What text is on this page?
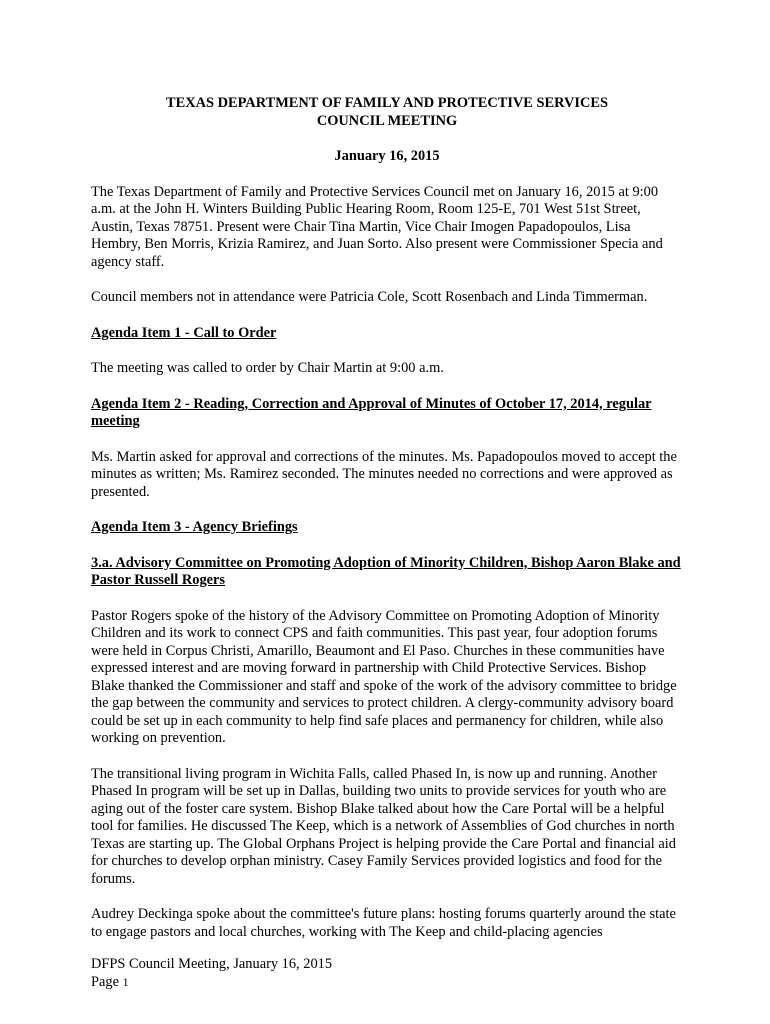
TEXAS DEPARTMENT OF FAMILY AND PROTECTIVE SERVICES

COUNCIL MEETING

January 16, 2015

The Texas Department of Family and Protective Services Council met on January 16, 2015 at 9:00 a.m. at the John H. Winters Building Public Hearing Room, Room 125-E, 701 West 51st Street, Austin, Texas 78751. Present were Chair Tina Martin, Vice Chair Imogen Papadopoulos, Lisa Hembry, Ben Morris, Krizia Ramirez, and Juan Sorto. Also present were Commissioner Specia and agency staff.

Council members not in attendance were Patricia Cole, Scott Rosenbach and Linda Timmerman.

Agenda Item 1 - Call to Order

The meeting was called to order by Chair Martin at 9:00 a.m.

Agenda Item 2 - Reading, Correction and Approval of Minutes of October 17, 2014, regular meeting

Ms. Martin asked for approval and corrections of the minutes. Ms. Papadopoulos moved to accept the minutes as written; Ms. Ramirez seconded. The minutes needed no corrections and were approved as presented.

Agenda Item 3 - Agency Briefings

3.a. Advisory Committee on Promoting Adoption of Minority Children, Bishop Aaron Blake and Pastor Russell Rogers

Pastor Rogers spoke of the history of the Advisory Committee on Promoting Adoption of Minority Children and its work to connect CPS and faith communities. This past year, four adoption forums were held in Corpus Christi, Amarillo, Beaumont and El Paso. Churches in these communities have expressed interest and are moving forward in partnership with Child Protective Services. Bishop Blake thanked the Commissioner and staff and spoke of the work of the advisory committee to bridge the gap between the community and services to protect children. A clergy-community advisory board could be set up in each community to help find safe places and permanency for children, while also working on prevention.

The transitional living program in Wichita Falls, called Phased In, is now up and running. Another Phased In program will be set up in Dallas, building two units to provide services for youth who are aging out of the foster care system. Bishop Blake talked about how the Care Portal will be a helpful tool for families. He discussed The Keep, which is a network of Assemblies of God churches in north Texas are starting up. The Global Orphans Project is helping provide the Care Portal and financial aid for churches to develop orphan ministry. Casey Family Services provided logistics and food for the forums.

Audrey Deckinga spoke about the committee's future plans: hosting forums quarterly around the state to engage pastors and local churches, working with The Keep and child-placing agencies

DFPS Council Meeting, January 16, 2015
Page 1
